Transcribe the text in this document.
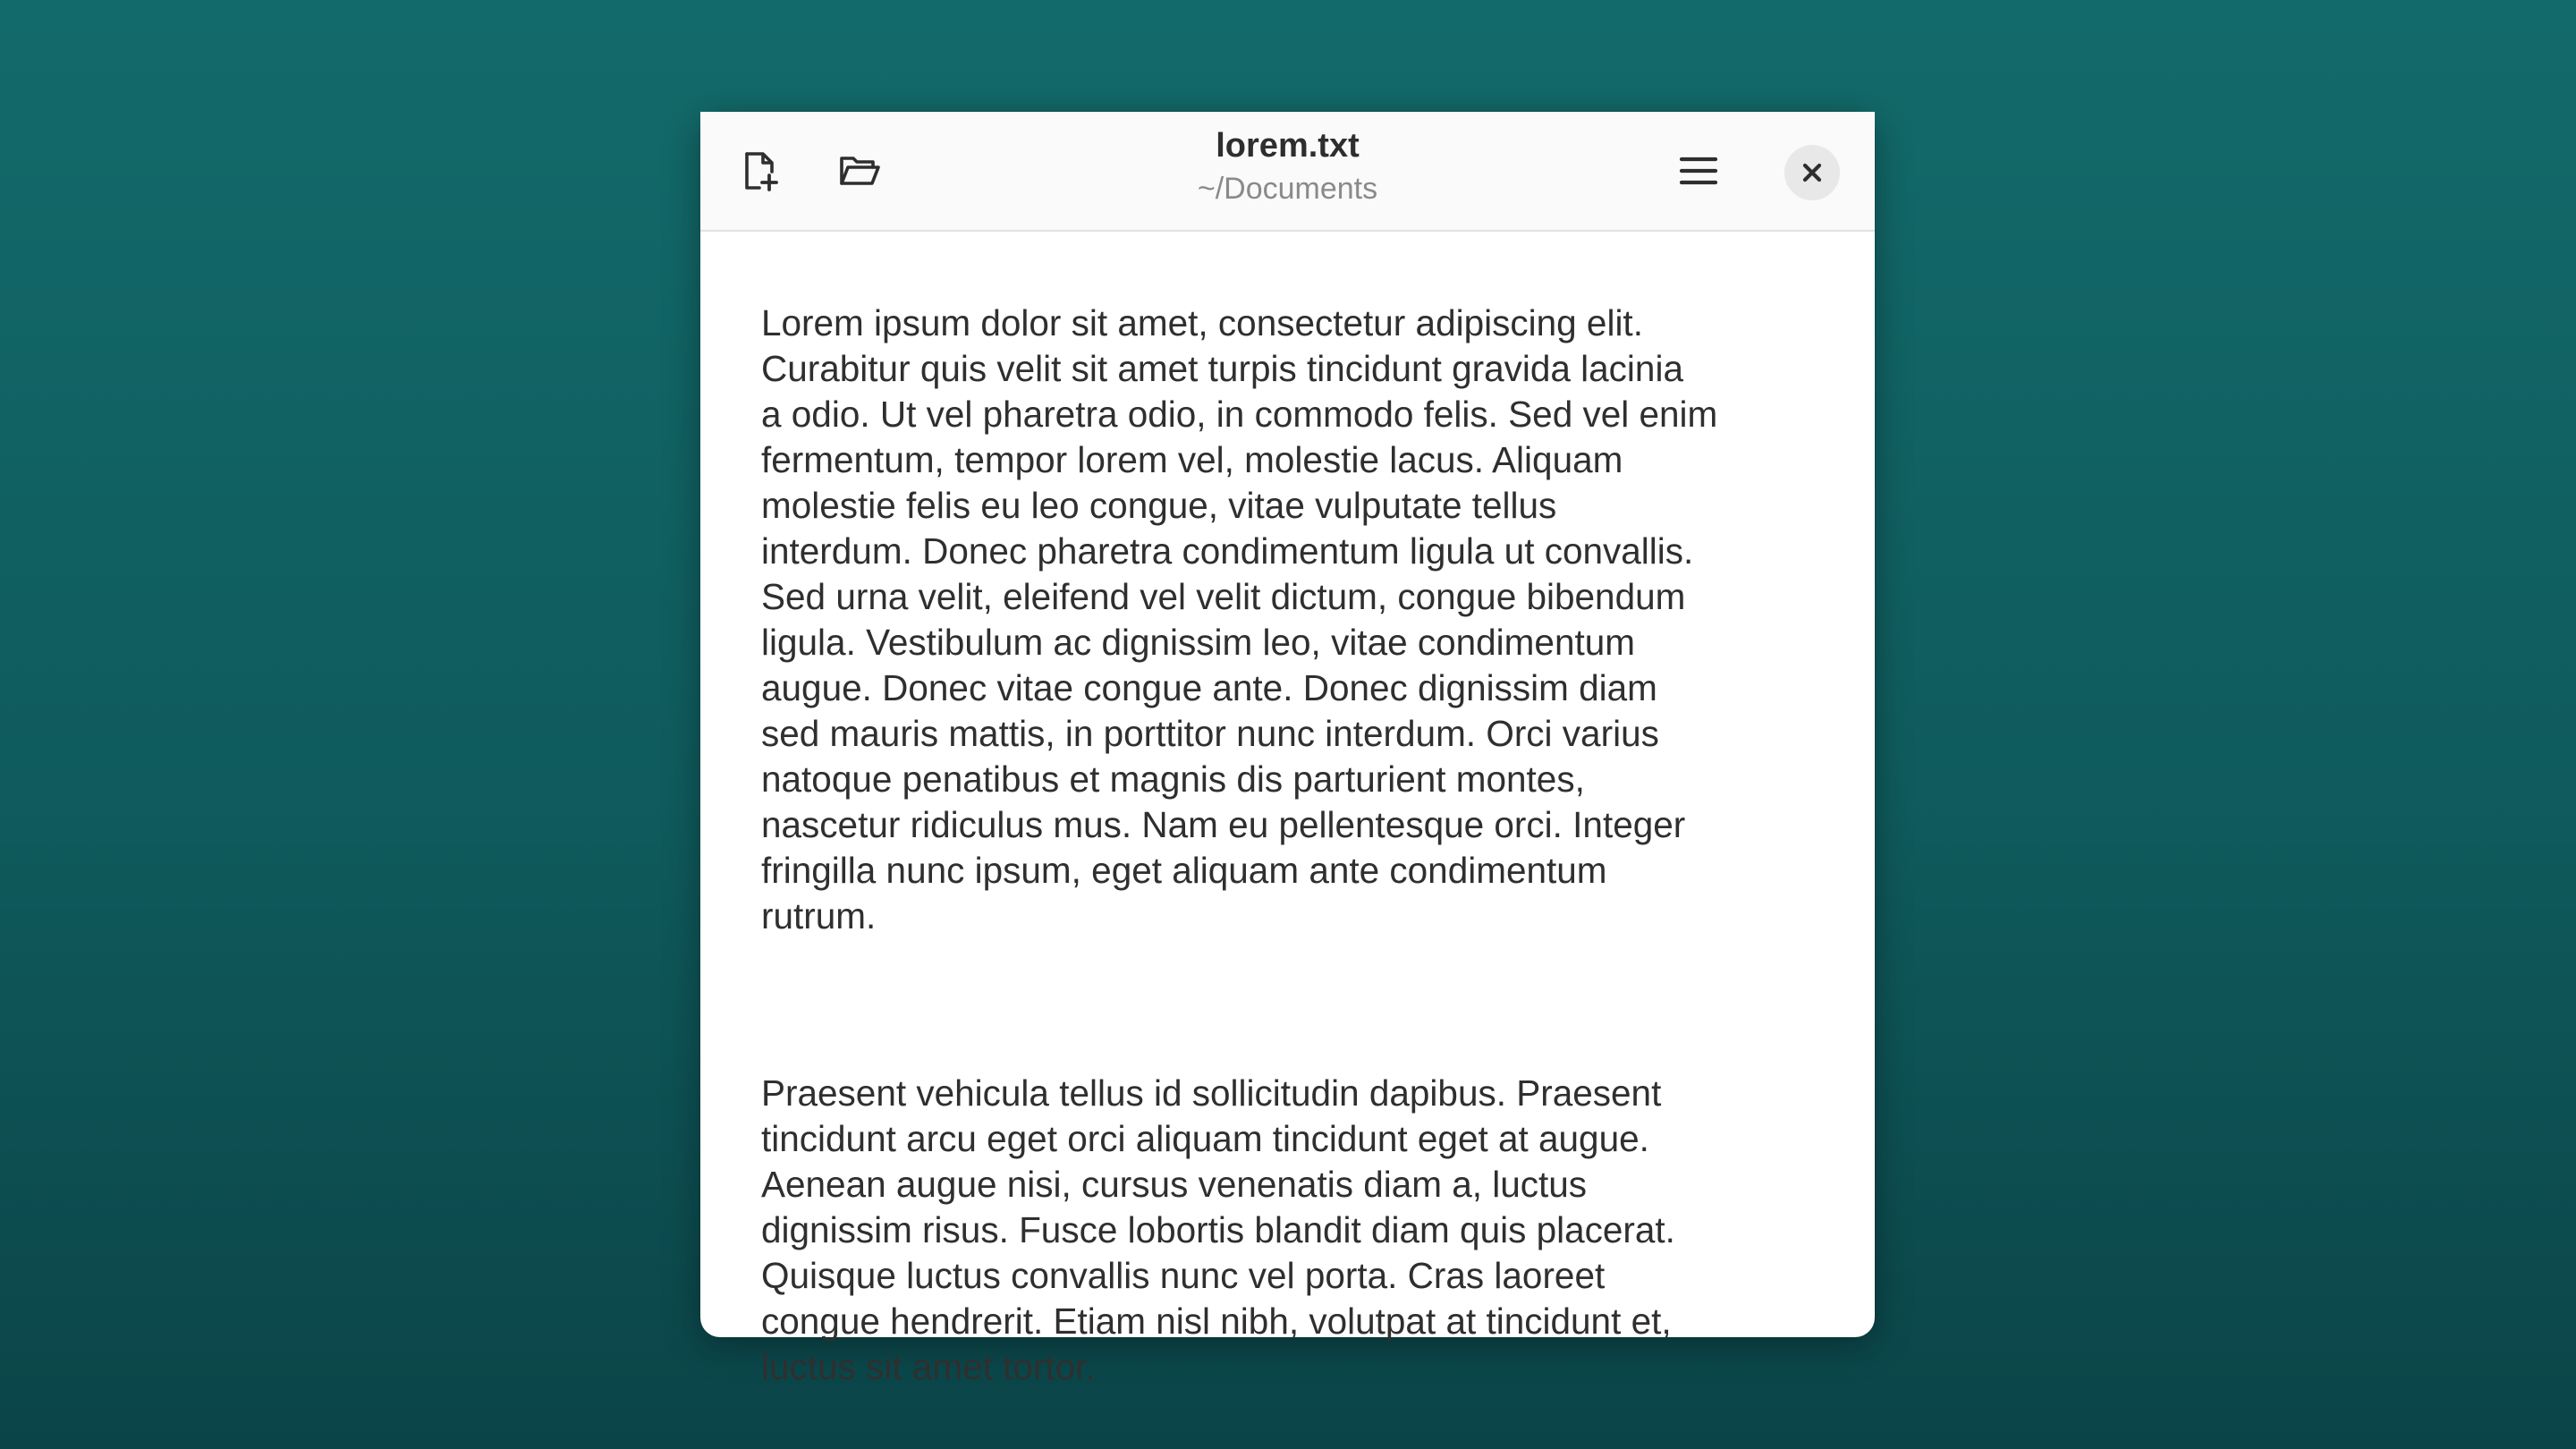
lorem.txt
~/Documents

Lorem ipsum dolor sit amet, consectetur adipiscing elit.
Curabitur quis velit sit amet turpis tincidunt gravida lacinia
a odio. Ut vel pharetra odio, in commodo felis. Sed vel enim
fermentum, tempor lorem vel, molestie lacus. Aliquam
molestie felis eu leo congue, vitae vulputate tellus
interdum. Donec pharetra condimentum ligula ut convallis.
Sed urna velit, eleifend vel velit dictum, congue bibendum
ligula. Vestibulum ac dignissim leo, vitae condimentum
augue. Donec vitae congue ante. Donec dignissim diam
sed mauris mattis, in porttitor nunc interdum. Orci varius
natoque penatibus et magnis dis parturient montes,
nascetur ridiculus mus. Nam eu pellentesque orci. Integer
fringilla nunc ipsum, eget aliquam ante condimentum
rutrum.

Praesent vehicula tellus id sollicitudin dapibus. Praesent
tincidunt arcu eget orci aliquam tincidunt eget at augue.
Aenean augue nisi, cursus venenatis diam a, luctus
dignissim risus. Fusce lobortis blandit diam quis placerat.
Quisque luctus convallis nunc vel porta. Cras laoreet
congue hendrerit. Etiam nisl nibh, volutpat at tincidunt et,
luctus sit amet tortor.
